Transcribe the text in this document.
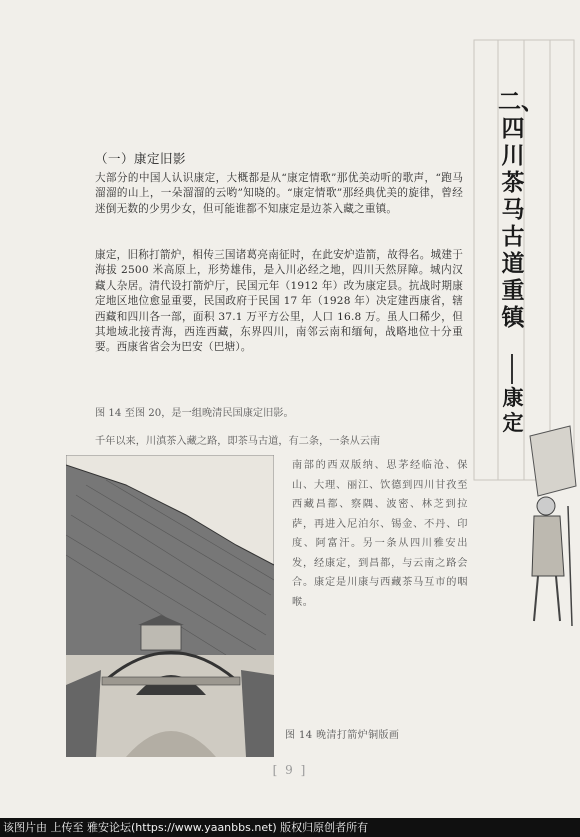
（一）康定旧影
大部分的中国人认识康定，大概都是从“康定情歌”那优美动听的歌声，“跑马溜溜的山上，一朵溜溜的云哟”知晓的。“康定情歌”那经典优美的旋律，曾经迷倒无数的少男少女，但可能谁都不知康定是边茶入藏之重镇。
康定，旧称打箭炉，相传三国诸葛亮南征时，在此安炉造箭，故得名。城建于海拔 2500 米高原上，形势雄伟，是入川必经之地，四川天然屏障。城内汉藏人杂居。清代设打箭炉厅，民国元年（1912 年）改为康定县。抗战时期康定地区地位愈显重要，民国政府于民国 17 年（1928 年）决定建西康省，辖西藏和四川各一部，面积 37.1 万平方公里，人口 16.8 万。虽人口稀少，但其地域北接青海，西连西藏，东界四川，南邻云南和缅甸，战略地位十分重要。西康省省会为巴安（巴塘）。
图 14 至图 20，是一组晚清民国康定旧影。
千年以来，川滇茶入藏之路，即茶马古道，有二条，一条从云南
南部的西双版纳、思茅经临沧、保山、大理、丽江、饮德到四川甘孜至西藏昌都、察隅、波密、林芝到拉萨，再进入尼泊尔、锡金、不丹、印度、阿富汗。另一条从四川雅安出发，经康定，到昌都，与云南之路会合。康定是川康与西藏茶马互市的咽喉。
图 14 晚清打箭炉铜版画
[ 9 ]
二、四川茶马古道重镇
康定
该图片由 上传至 雅安论坛(https://www.yaanbbs.net) 版权归原创者所有
